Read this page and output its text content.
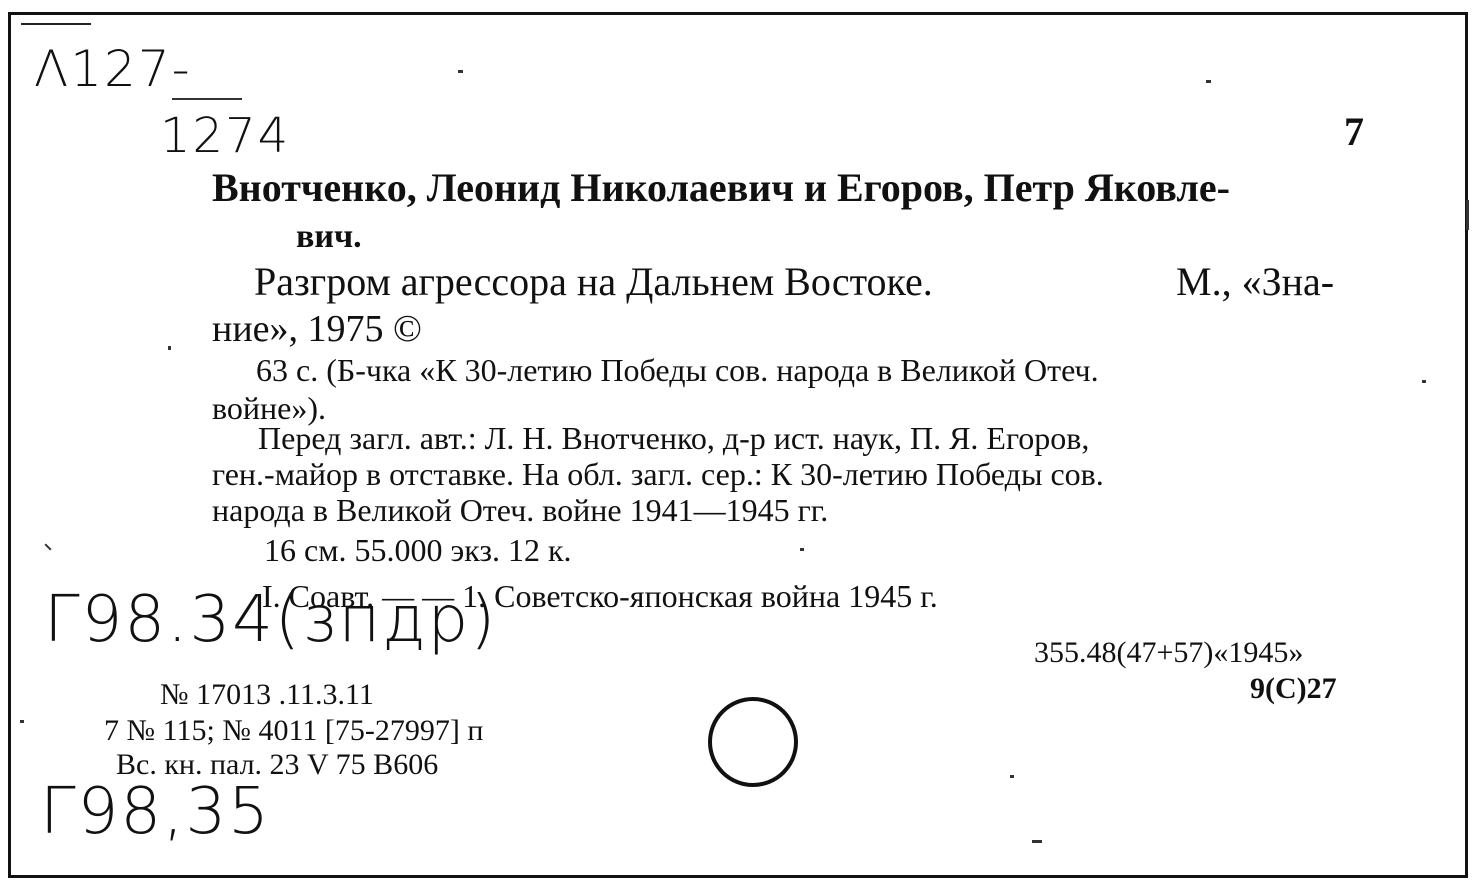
Λ127-
1274
Г98.34(зпдр)
Г98,35
7
Внотченко, Леонид Николаевич и Егоров, Петр Яковле-
вич.
Разгром агрессора на Дальнем Востоке.	М., «Зна-
ние», 1975 ©
63 с. (Б-чка «К 30-летию Победы сов. народа в Великой Отеч.
войне»).
Перед загл. авт.: Л. Н. Внотченко, д-р ист. наук, П. Я. Егоров,
ген.-майор в отставке. На обл. загл. сер.: К 30-летию Победы сов.
народа в Великой Отеч. войне 1941—1945 гг.
16 см. 55.000 экз. 12 к.
I. Соавт. — — 1. Советско-японская война 1945 г.
355.48(47+57)«1945»
9(С)27
№ 17013 .11.3.11
7 № 115; № 4011 [75-27997] п
Вс. кн. пал. 23 V 75 В606
